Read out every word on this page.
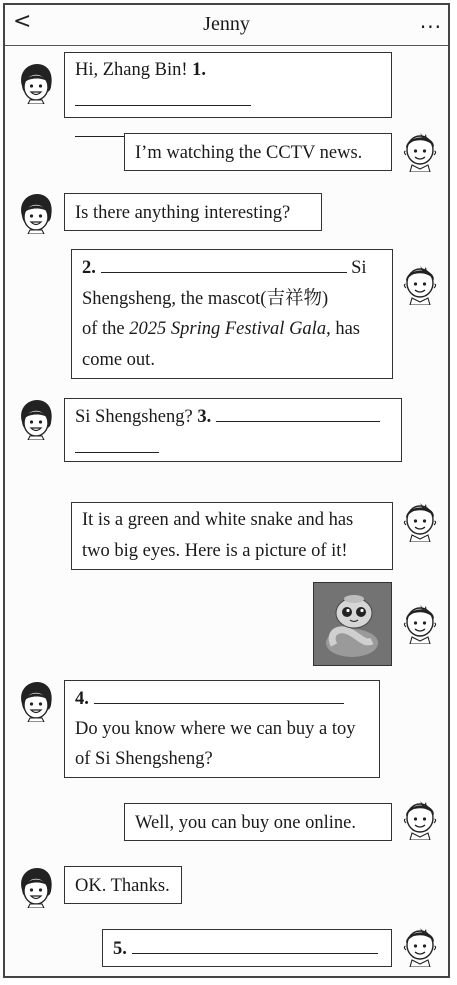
<	Jenny	...
Hi, Zhang Bin! 1.

I’m watching the CCTV news.
Is there anything interesting?
2.	Si
Shengsheng, the mascot(吉祥物)
of the 2025 Spring Festival Gala, has
come out.
Si Shengsheng? 3.

It is a green and white snake and has
two big eyes. Here is a picture of it!
4.
Do you know where we can buy a toy
of Si Shengsheng?
Well, you can buy one online.
OK. Thanks.
5.
